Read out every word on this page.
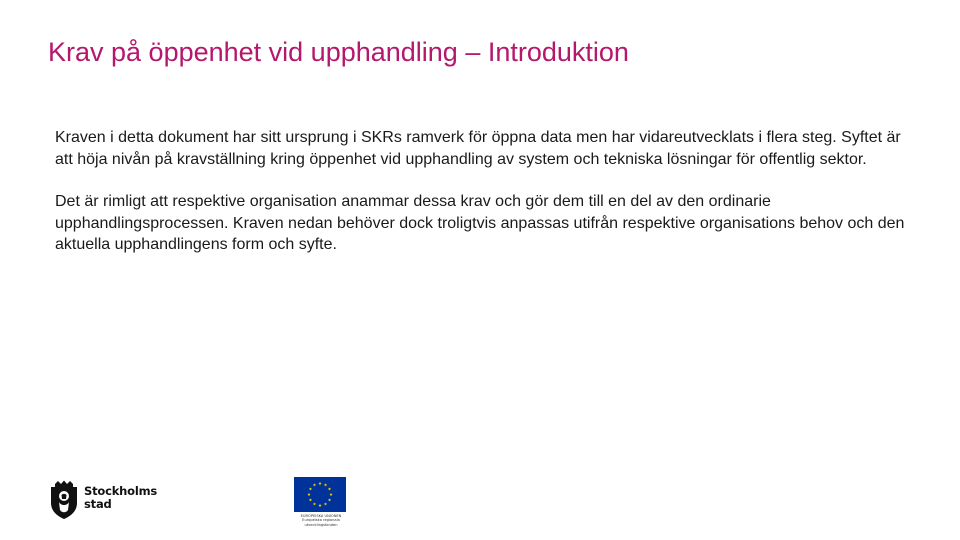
Krav på öppenhet vid upphandling – Introduktion

Kraven i detta dokument har sitt ursprung i SKRs ramverk för öppna data men har vidareutvecklats i flera steg. Syftet är att höja nivån på kravställning kring öppenhet vid upphandling av system och tekniska lösningar för offentlig sektor.

Det är rimligt att respektive organisation anammar dessa krav och gör dem till en del av den ordinarie upphandlingsprocessen. Kraven nedan behöver dock troligtvis anpassas utifrån respektive organisations behov och den aktuella upphandlingens form och syfte.

Stockholms
stad
EUROPEISKA UNIONEN
Europeiska regionala
utvecklingsfonden
